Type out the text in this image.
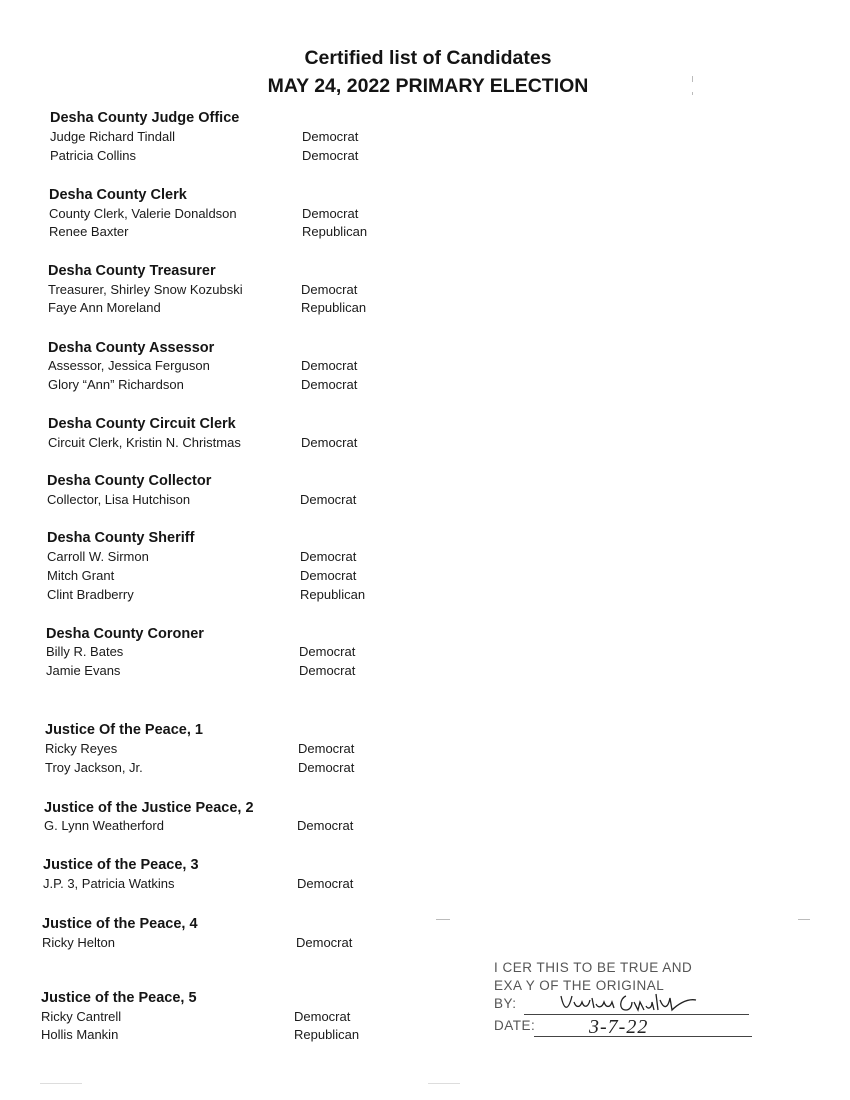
Certified list of Candidates
MAY 24, 2022 PRIMARY ELECTION
Desha County Judge Office
Judge Richard Tindall	Democrat
Patricia Collins	Democrat
Desha County Clerk
County Clerk, Valerie Donaldson	Democrat
Renee Baxter	Republican
Desha County Treasurer
Treasurer, Shirley Snow Kozubski	Democrat
Faye Ann Moreland	Republican
Desha County Assessor
Assessor, Jessica Ferguson	Democrat
Glory “Ann” Richardson	Democrat
Desha County Circuit Clerk
Circuit Clerk, Kristin N. Christmas	Democrat
Desha County Collector
Collector, Lisa Hutchison	Democrat
Desha County Sheriff
Carroll W. Sirmon	Democrat
Mitch Grant	Democrat
Clint Bradberry	Republican
Desha County Coroner
Billy R. Bates	Democrat
Jamie Evans	Democrat
Justice Of the Peace, 1
Ricky Reyes	Democrat
Troy Jackson, Jr.	Democrat
Justice of the Justice Peace, 2
G. Lynn Weatherford	Democrat
Justice of the Peace, 3
J.P. 3, Patricia Watkins	Democrat
Justice of the Peace, 4
Ricky Helton	Democrat
Justice of the Peace, 5
Ricky Cantrell	Democrat
Hollis Mankin	Republican
I CER THIS TO BE TRUE AND
EXA Y OF THE ORIGINAL
BY:
DATE:	3-7-22
